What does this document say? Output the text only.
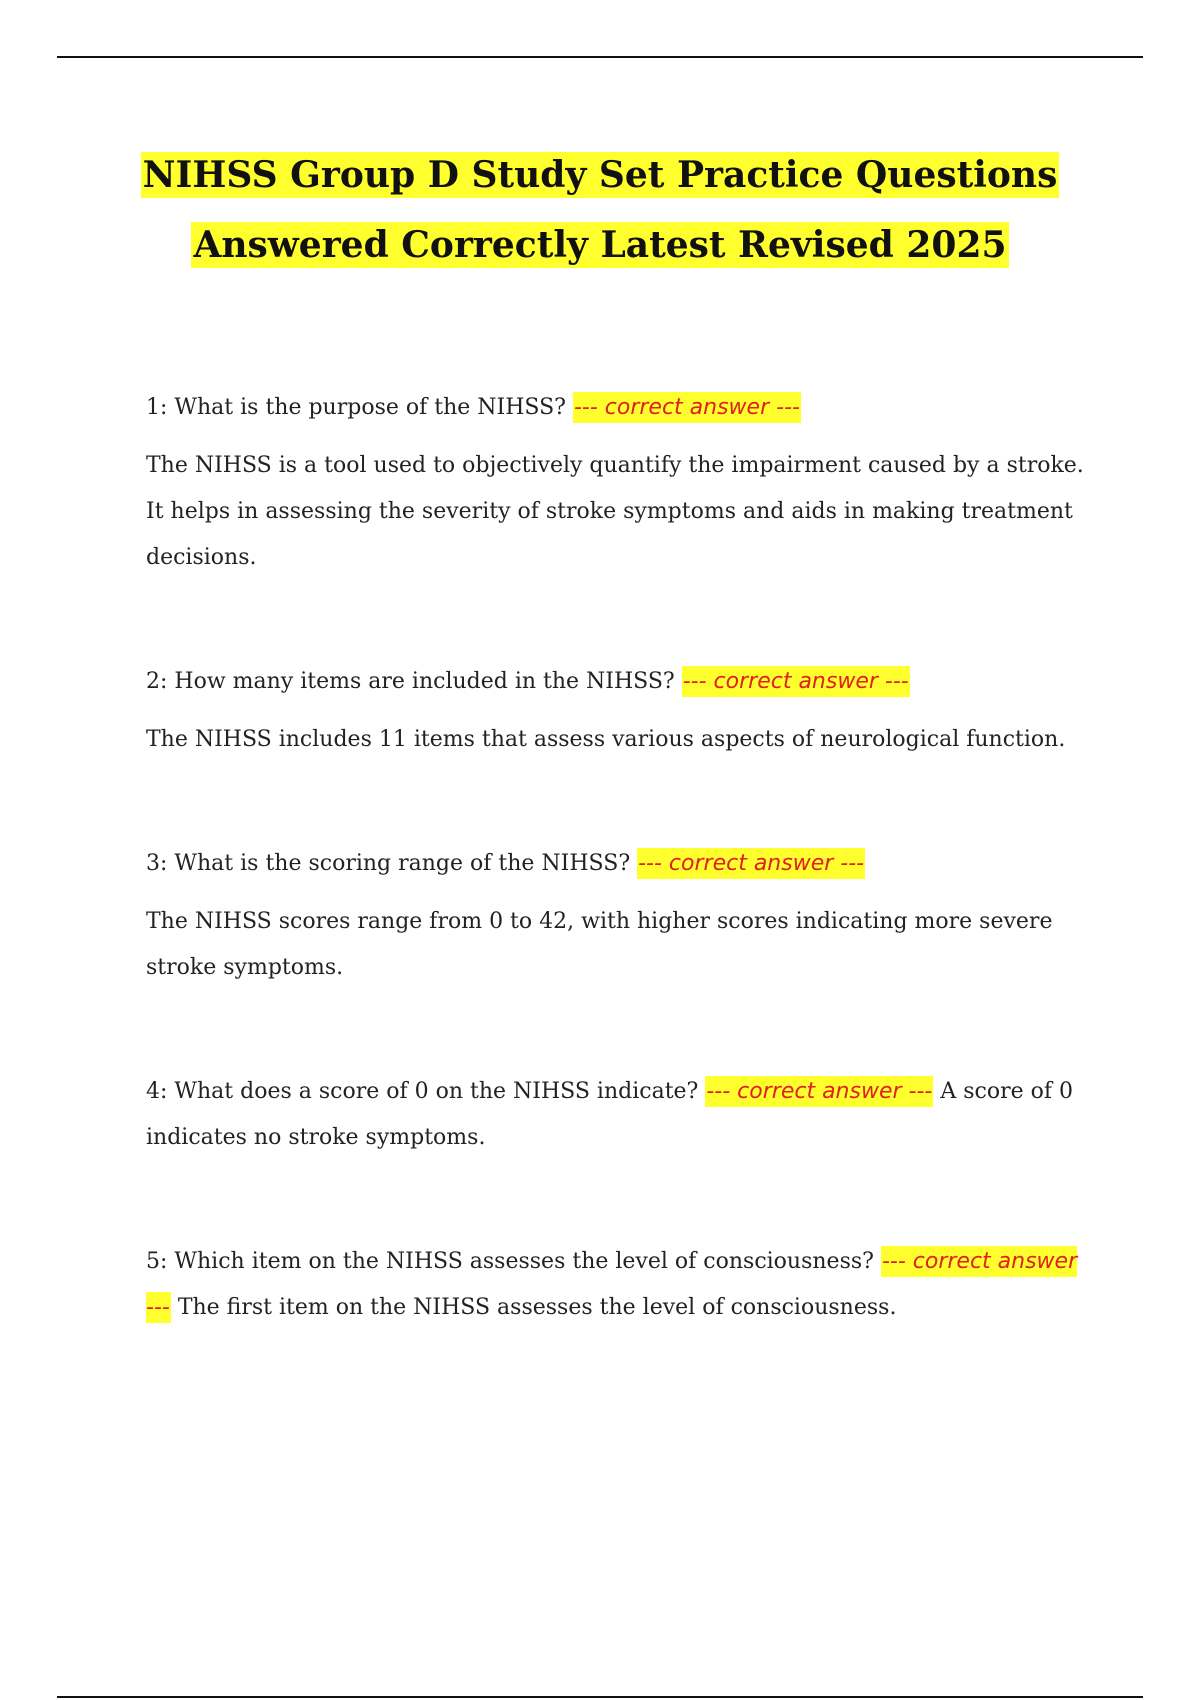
NIHSS Group D Study Set Practice Questions
Answered Correctly Latest Revised 2025

1: What is the purpose of the NIHSS? --- correct answer ---

The NIHSS is a tool used to objectively quantify the impairment caused by a stroke. It helps in assessing the severity of stroke symptoms and aids in making treatment decisions.

2: How many items are included in the NIHSS? --- correct answer ---

The NIHSS includes 11 items that assess various aspects of neurological function.

3: What is the scoring range of the NIHSS? --- correct answer ---

The NIHSS scores range from 0 to 42, with higher scores indicating more severe stroke symptoms.

4: What does a score of 0 on the NIHSS indicate? --- correct answer --- A score of 0 indicates no stroke symptoms.

5: Which item on the NIHSS assesses the level of consciousness? --- correct answer --- The first item on the NIHSS assesses the level of consciousness.
